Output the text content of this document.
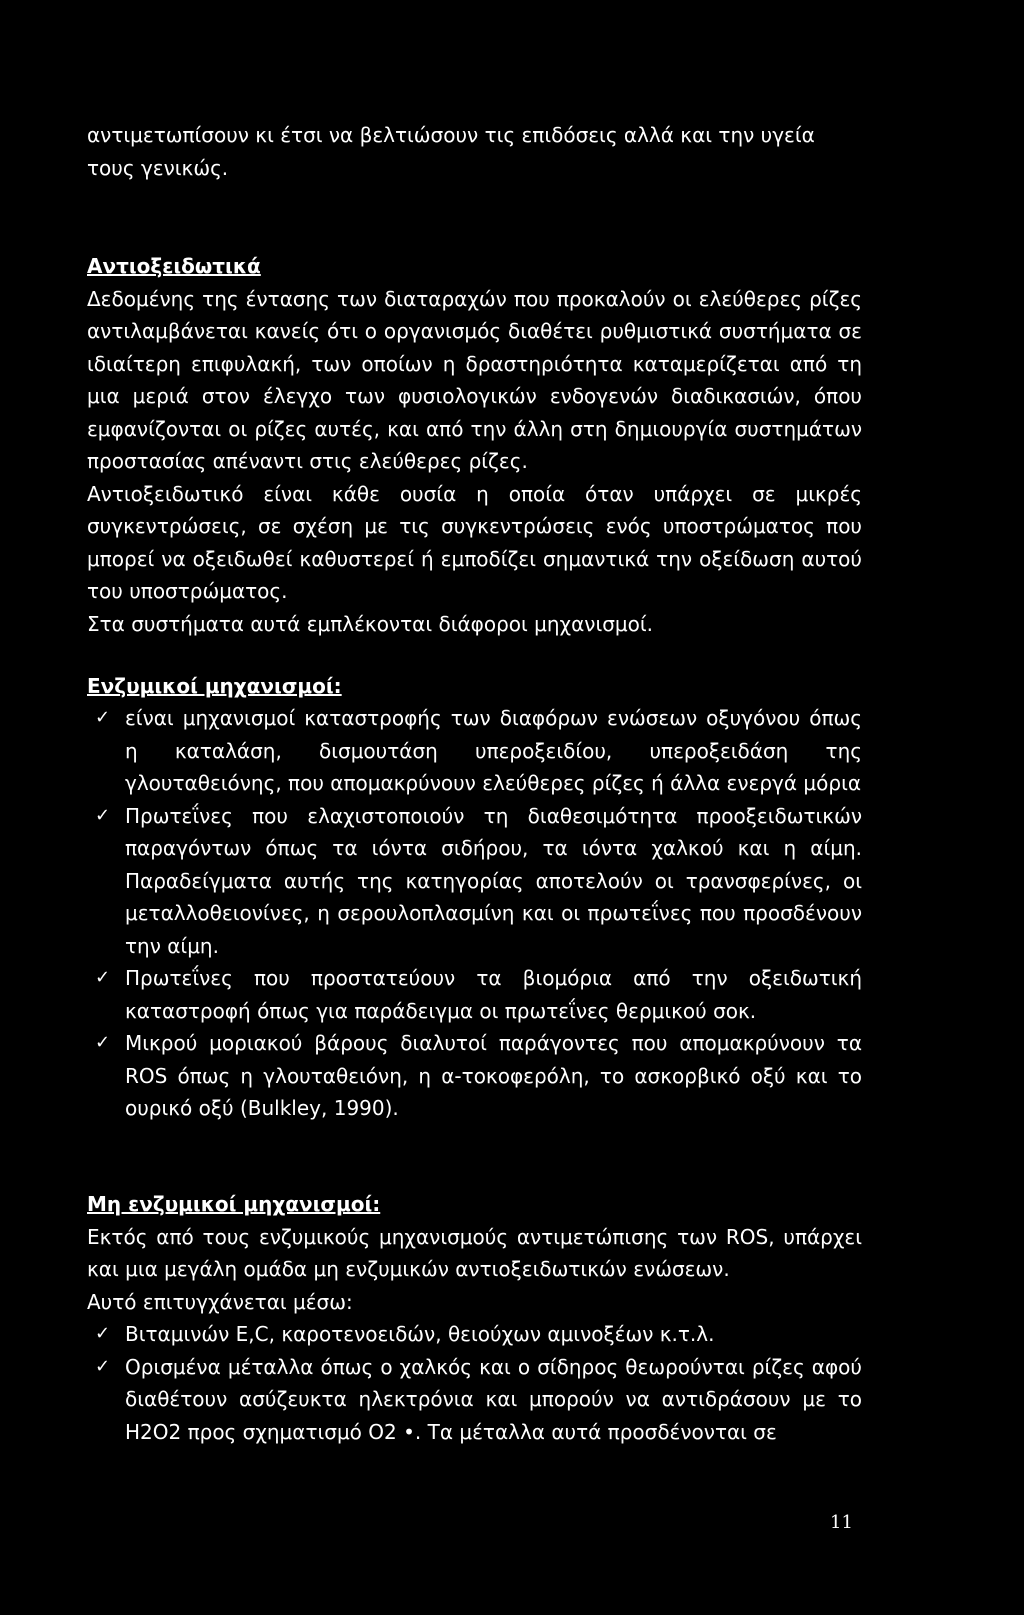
αντιμετωπίσουν κι έτσι να βελτιώσουν τις επιδόσεις αλλά και την υγεία

τους γενικώς.

Αντιοξειδωτικά

Δεδομένης της έντασης των διαταραχών που προκαλούν οι ελεύθερες ρίζες αντιλαμβάνεται κανείς ότι ο οργανισμός διαθέτει ρυθμιστικά συστήματα σε ιδιαίτερη επιφυλακή, των οποίων η δραστηριότητα καταμερίζεται από τη μια μεριά στον έλεγχο των φυσιολογικών ενδογενών διαδικασιών, όπου εμφανίζονται οι ρίζες αυτές, και από την άλλη στη δημιουργία συστημάτων προστασίας απέναντι στις ελεύθερες ρίζες.

Αντιοξειδωτικό είναι κάθε ουσία η οποία όταν υπάρχει σε μικρές συγκεντρώσεις, σε σχέση με τις συγκεντρώσεις ενός υποστρώματος που μπορεί να οξειδωθεί καθυστερεί ή εμποδίζει σημαντικά την οξείδωση αυτού του υποστρώματος.

Στα συστήματα αυτά εμπλέκονται διάφοροι μηχανισμοί.

Ενζυμικοί μηχανισμοί:

✓ είναι μηχανισμοί καταστροφής των διαφόρων ενώσεων οξυγόνου όπως η καταλάση, δισμουτάση υπεροξειδίου, υπεροξειδάση της γλουταθειόνης, που απομακρύνουν ελεύθερες ρίζες ή άλλα ενεργά μόρια
✓ Πρωτεΐνες που ελαχιστοποιούν τη διαθεσιμότητα προοξειδωτικών παραγόντων όπως τα ιόντα σιδήρου, τα ιόντα χαλκού και η αίμη. Παραδείγματα αυτής της κατηγορίας αποτελούν οι τρανσφερίνες, οι μεταλλοθειονίνες, η σερουλοπλασμίνη και οι πρωτεΐνες που προσδένουν την αίμη.
✓ Πρωτεΐνες που προστατεύουν τα βιομόρια από την οξειδωτική καταστροφή όπως για παράδειγμα οι πρωτεΐνες θερμικού σοκ.
✓ Μικρού μοριακού βάρους διαλυτοί παράγοντες που απομακρύνουν τα ROS όπως η γλουταθειόνη, η α-τοκοφερόλη, το ασκορβικό οξύ και το ουρικό οξύ (Bulkley, 1990).

Μη ενζυμικοί μηχανισμοί:

Εκτός από τους ενζυμικούς μηχανισμούς αντιμετώπισης των ROS, υπάρχει και μια μεγάλη ομάδα μη ενζυμικών αντιοξειδωτικών ενώσεων.

Αυτό επιτυγχάνεται μέσω:

✓ Βιταμινών Ε,C, καροτενοειδών, θειούχων αμινοξέων κ.τ.λ.
✓ Ορισμένα μέταλλα όπως ο χαλκός και ο σίδηρος θεωρούνται ρίζες αφού διαθέτουν ασύζευκτα ηλεκτρόνια και μπορούν να αντιδράσουν με το H2O2 προς σχηματισμό O2 •. Τα μέταλλα αυτά προσδένονται σε
11
